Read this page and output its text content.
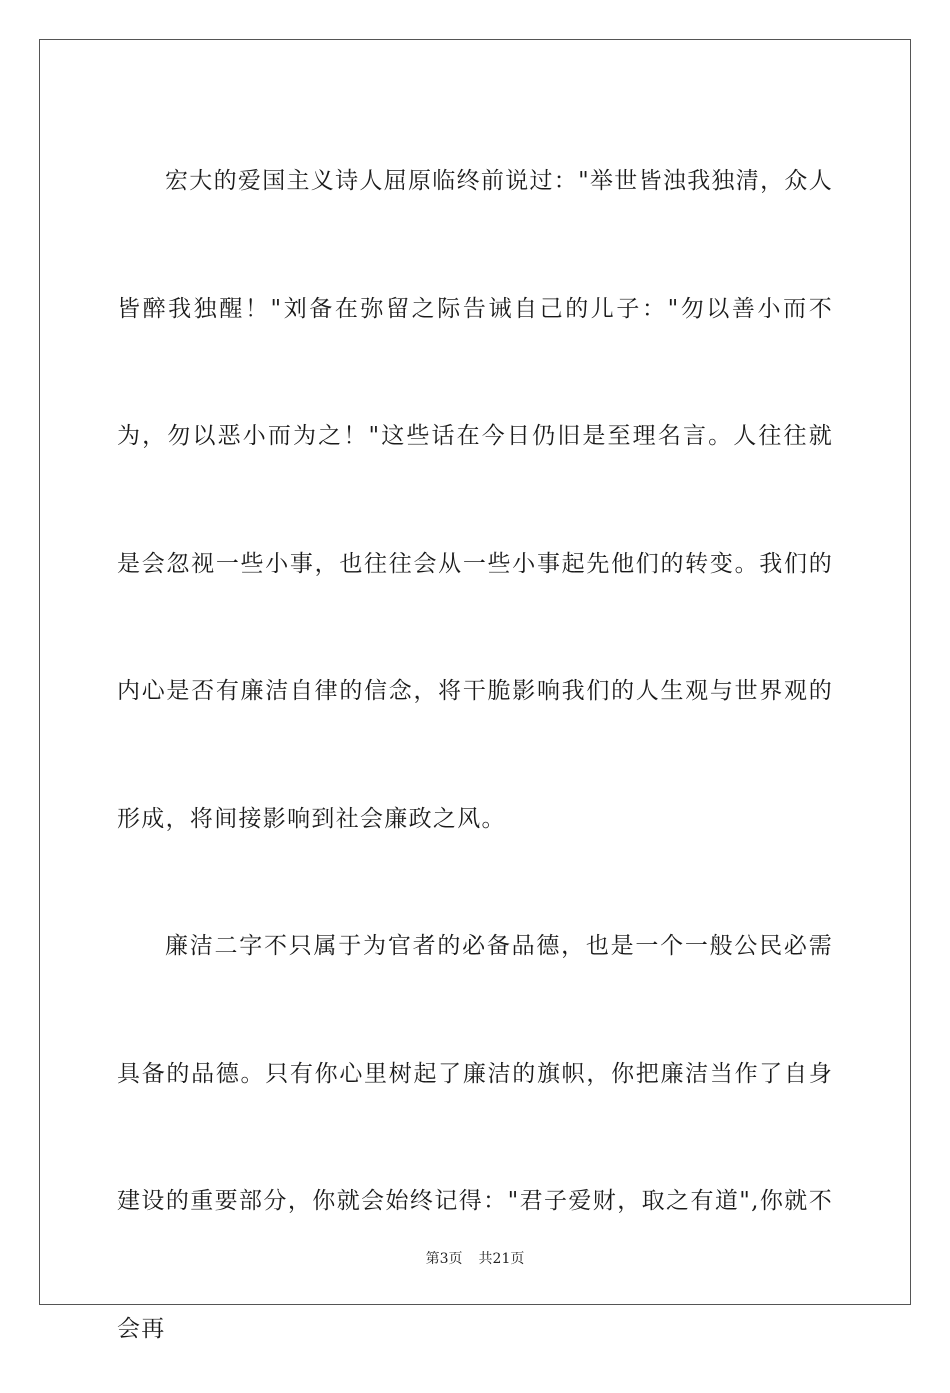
宏大的爱国主义诗人屈原临终前说过："举世皆浊我独清，众人皆醉我独醒！"刘备在弥留之际告诫自己的儿子："勿以善小而不为，勿以恶小而为之！"这些话在今日仍旧是至理名言。人往往就是会忽视一些小事，也往往会从一些小事起先他们的转变。我们的内心是否有廉洁自律的信念，将干脆影响我们的人生观与世界观的形成，将间接影响到社会廉政之风。

廉洁二字不只属于为官者的必备品德，也是一个一般公民必需具备的品德。只有你心里树起了廉洁的旗帜，你把廉洁当作了自身建设的重要部分，你就会始终记得："君子爱财，取之有道",你就不会再

第3页 共21页
